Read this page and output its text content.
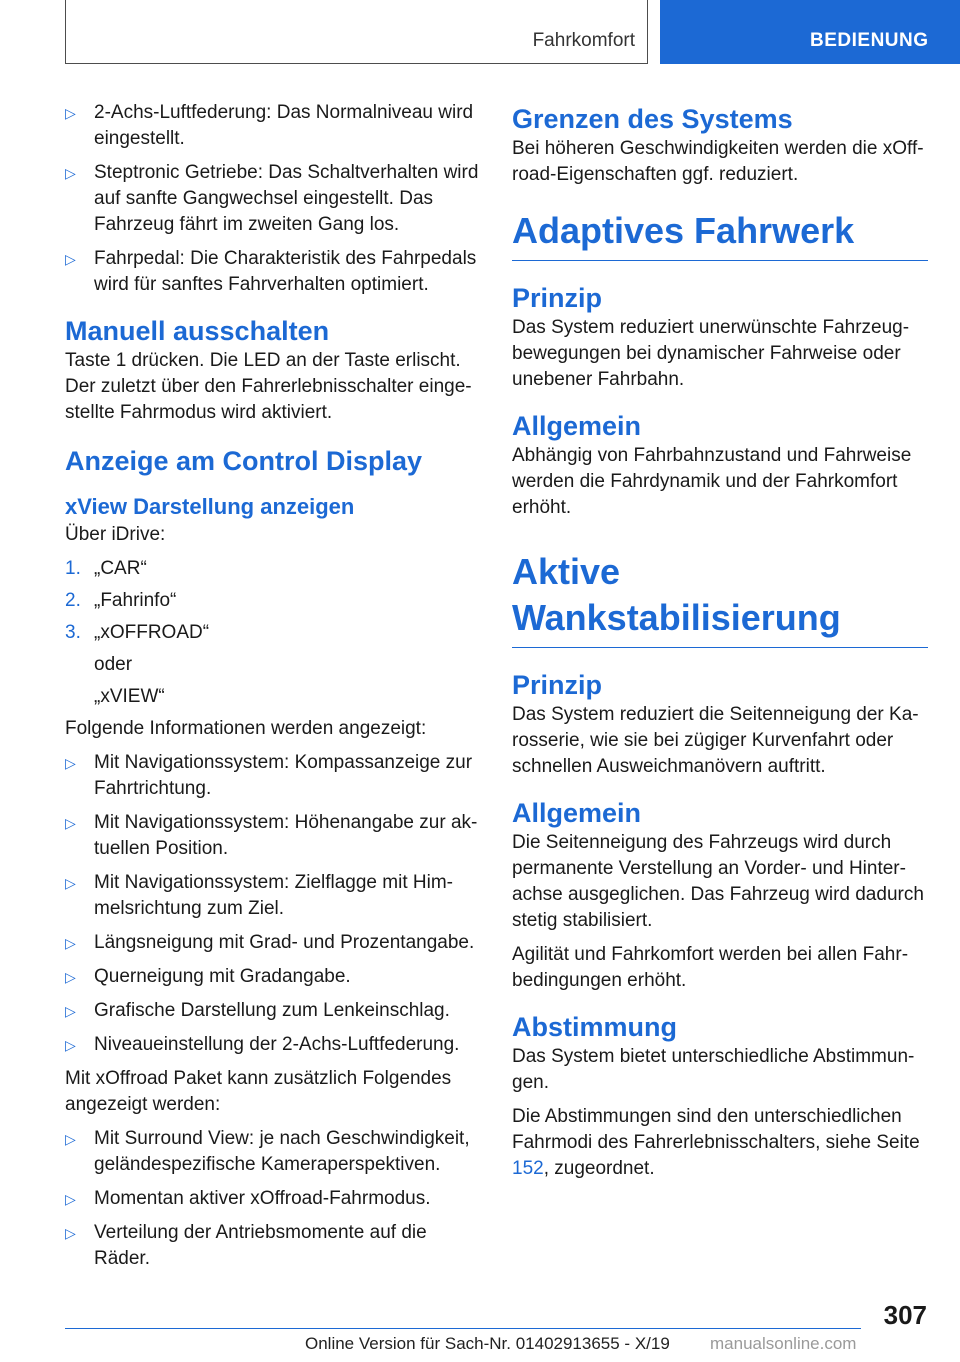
Fahrkomfort	BEDIENUNG
▷ 2-Achs-Luftfederung: Das Normalniveau wird eingestellt.
▷ Steptronic Getriebe: Das Schaltverhalten wird auf sanfte Gangwechsel eingestellt. Das Fahrzeug fährt im zweiten Gang los.
▷ Fahrpedal: Die Charakteristik des Fahrpedals wird für sanftes Fahrverhalten optimiert.
Manuell ausschalten

Taste 1 drücken. Die LED an der Taste erlischt. Der zuletzt über den Fahrerlebnisschalter einge-stellte Fahrmodus wird aktiviert.

Anzeige am Control Display
xView Darstellung anzeigen

Über iDrive:

1. „CAR“
2. „Fahrinfo“
3. „xOFFROAD“
oder
„xVIEW“

Folgende Informationen werden angezeigt:

▷ Mit Navigationssystem: Kompassanzeige zur Fahrtrichtung.
▷ Mit Navigationssystem: Höhenangabe zur ak-tuellen Position.
▷ Mit Navigationssystem: Zielflagge mit Him-melsrichtung zum Ziel.
▷ Längsneigung mit Grad- und Prozentangabe.
▷ Querneigung mit Gradangabe.
▷ Grafische Darstellung zum Lenkeinschlag.
▷ Niveaueinstellung der 2-Achs-Luftfederung.

Mit xOffroad Paket kann zusätzlich Folgendes angezeigt werden:

▷ Mit Surround View: je nach Geschwindigkeit, geländespezifische Kameraperspektiven.
▷ Momentan aktiver xOffroad-Fahrmodus.
▷ Verteilung der Antriebsmomente auf die Räder.
Grenzen des Systems

Bei höheren Geschwindigkeiten werden die xOff-road-Eigenschaften ggf. reduziert.

Adaptives Fahrwerk
Prinzip

Das System reduziert unerwünschte Fahrzeug-bewegungen bei dynamischer Fahrweise oder unebener Fahrbahn.

Allgemein

Abhängig von Fahrbahnzustand und Fahrweise werden die Fahrdynamik und der Fahrkomfort erhöht.

Aktive Wankstabilisierung
Prinzip

Das System reduziert die Seitenneigung der Ka-rosserie, wie sie bei zügiger Kurvenfahrt oder schnellen Ausweichmanövern auftritt.

Allgemein

Die Seitenneigung des Fahrzeugs wird durch permanente Verstellung an Vorder- und Hinter-achse ausgeglichen. Das Fahrzeug wird dadurch stetig stabilisiert.

Agilität und Fahrkomfort werden bei allen Fahr-bedingungen erhöht.

Abstimmung

Das System bietet unterschiedliche Abstimmun-gen.

Die Abstimmungen sind den unterschiedlichen Fahrmodi des Fahrerlebnisschalters, siehe Seite 152, zugeordnet.

307
Online Version für Sach-Nr. 01402913655 - X/19 manualsonline.com
